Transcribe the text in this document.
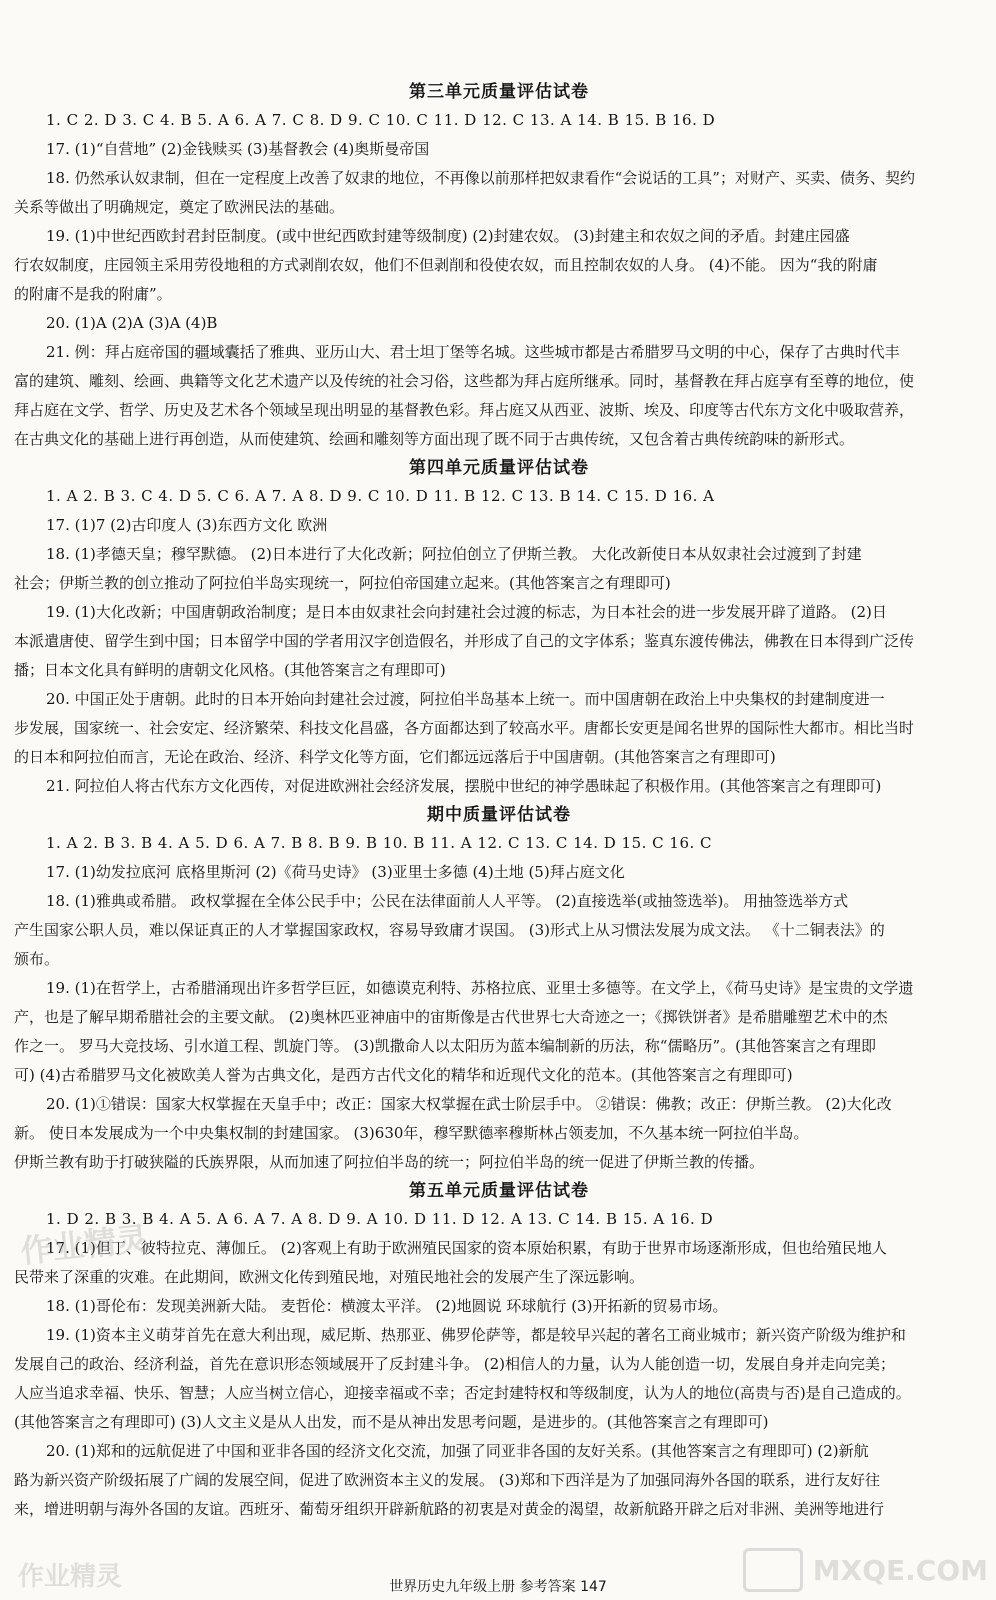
第三单元质量评估试卷
1. C 2. D 3. C 4. B 5. A 6. A 7. C 8. D 9. C 10. C 11. D 12. C 13. A 14. B 15. B 16. D
17. (1)“自营地” (2)金钱赎买 (3)基督教会 (4)奥斯曼帝国
18. 仍然承认奴隶制，但在一定程度上改善了奴隶的地位，不再像以前那样把奴隶看作“会说话的工具”；对财产、买卖、债务、契约
关系等做出了明确规定，奠定了欧洲民法的基础。
19. (1)中世纪西欧封君封臣制度。(或中世纪西欧封建等级制度) (2)封建农奴。 (3)封建主和农奴之间的矛盾。封建庄园盛
行农奴制度，庄园领主采用劳役地租的方式剥削农奴，他们不但剥削和役使农奴，而且控制农奴的人身。 (4)不能。 因为“我的附庸
的附庸不是我的附庸”。
20. (1)A (2)A (3)A (4)B
21. 例：拜占庭帝国的疆域囊括了雅典、亚历山大、君士坦丁堡等名城。这些城市都是古希腊罗马文明的中心，保存了古典时代丰
富的建筑、雕刻、绘画、典籍等文化艺术遗产以及传统的社会习俗，这些都为拜占庭所继承。同时，基督教在拜占庭享有至尊的地位，使
拜占庭在文学、哲学、历史及艺术各个领域呈现出明显的基督教色彩。拜占庭又从西亚、波斯、埃及、印度等古代东方文化中吸取营养，
在古典文化的基础上进行再创造，从而使建筑、绘画和雕刻等方面出现了既不同于古典传统，又包含着古典传统韵味的新形式。
第四单元质量评估试卷
1. A 2. B 3. C 4. D 5. C 6. A 7. A 8. D 9. C 10. D 11. B 12. C 13. B 14. C 15. D 16. A
17. (1)7 (2)古印度人 (3)东西方文化 欧洲
18. (1)孝德天皇；穆罕默德。 (2)日本进行了大化改新；阿拉伯创立了伊斯兰教。 大化改新使日本从奴隶社会过渡到了封建
社会；伊斯兰教的创立推动了阿拉伯半岛实现统一，阿拉伯帝国建立起来。(其他答案言之有理即可)
19. (1)大化改新；中国唐朝政治制度；是日本由奴隶社会向封建社会过渡的标志，为日本社会的进一步发展开辟了道路。 (2)日
本派遣唐使、留学生到中国；日本留学中国的学者用汉字创造假名，并形成了自己的文字体系；鉴真东渡传佛法，佛教在日本得到广泛传
播；日本文化具有鲜明的唐朝文化风格。(其他答案言之有理即可)
20. 中国正处于唐朝。此时的日本开始向封建社会过渡，阿拉伯半岛基本上统一。而中国唐朝在政治上中央集权的封建制度进一
步发展，国家统一、社会安定、经济繁荣、科技文化昌盛，各方面都达到了较高水平。唐都长安更是闻名世界的国际性大都市。相比当时
的日本和阿拉伯而言，无论在政治、经济、科学文化等方面，它们都远远落后于中国唐朝。(其他答案言之有理即可)
21. 阿拉伯人将古代东方文化西传，对促进欧洲社会经济发展，摆脱中世纪的神学愚昧起了积极作用。(其他答案言之有理即可)
期中质量评估试卷
1. A 2. B 3. B 4. A 5. D 6. A 7. B 8. B 9. B 10. B 11. A 12. C 13. C 14. D 15. C 16. C
17. (1)幼发拉底河 底格里斯河 (2)《荷马史诗》 (3)亚里士多德 (4)土地 (5)拜占庭文化
18. (1)雅典或希腊。 政权掌握在全体公民手中；公民在法律面前人人平等。 (2)直接选举(或抽签选举)。 用抽签选举方式
产生国家公职人员，难以保证真正的人才掌握国家政权，容易导致庸才误国。 (3)形式上从习惯法发展为成文法。 《十二铜表法》的
颁布。
19. (1)在哲学上，古希腊涌现出许多哲学巨匠，如德谟克利特、苏格拉底、亚里士多德等。在文学上，《荷马史诗》是宝贵的文学遗
产，也是了解早期希腊社会的主要文献。 (2)奥林匹亚神庙中的宙斯像是古代世界七大奇迹之一；《掷铁饼者》是希腊雕塑艺术中的杰
作之一。 罗马大竞技场、引水道工程、凯旋门等。 (3)凯撒命人以太阳历为蓝本编制新的历法，称“儒略历”。(其他答案言之有理即
可) (4)古希腊罗马文化被欧美人誉为古典文化，是西方古代文化的精华和近现代文化的范本。(其他答案言之有理即可)
20. (1)①错误：国家大权掌握在天皇手中；改正：国家大权掌握在武士阶层手中。 ②错误：佛教；改正：伊斯兰教。 (2)大化改
新。 使日本发展成为一个中央集权制的封建国家。 (3)630年，穆罕默德率穆斯林占领麦加，不久基本统一阿拉伯半岛。
伊斯兰教有助于打破狭隘的氏族界限，从而加速了阿拉伯半岛的统一；阿拉伯半岛的统一促进了伊斯兰教的传播。
第五单元质量评估试卷
1. D 2. B 3. B 4. A 5. A 6. A 7. A 8. D 9. A 10. D 11. D 12. A 13. C 14. B 15. A 16. D
17. (1)但丁、彼特拉克、薄伽丘。 (2)客观上有助于欧洲殖民国家的资本原始积累，有助于世界市场逐渐形成，但也给殖民地人
民带来了深重的灾难。在此期间，欧洲文化传到殖民地，对殖民地社会的发展产生了深远影响。
18. (1)哥伦布：发现美洲新大陆。 麦哲伦：横渡太平洋。 (2)地圆说 环球航行 (3)开拓新的贸易市场。
19. (1)资本主义萌芽首先在意大利出现，威尼斯、热那亚、佛罗伦萨等，都是较早兴起的著名工商业城市；新兴资产阶级为维护和
发展自己的政治、经济利益，首先在意识形态领域展开了反封建斗争。 (2)相信人的力量，认为人能创造一切，发展自身并走向完美；
人应当追求幸福、快乐、智慧；人应当树立信心，迎接幸福或不幸；否定封建特权和等级制度，认为人的地位(高贵与否)是自己造成的。
(其他答案言之有理即可) (3)人文主义是从人出发，而不是从神出发思考问题，是进步的。(其他答案言之有理即可)
20. (1)郑和的远航促进了中国和亚非各国的经济文化交流，加强了同亚非各国的友好关系。(其他答案言之有理即可) (2)新航
路为新兴资产阶级拓展了广阔的发展空间，促进了欧洲资本主义的发展。 (3)郑和下西洋是为了加强同海外各国的联系，进行友好往
来，增进明朝与海外各国的友谊。西班牙、葡萄牙组织开辟新航路的初衷是对黄金的渴望，故新航路开辟之后对非洲、美洲等地进行
作业精灵
作业精灵	MXQE.COM
世界历史九年级上册 参考答案 147
